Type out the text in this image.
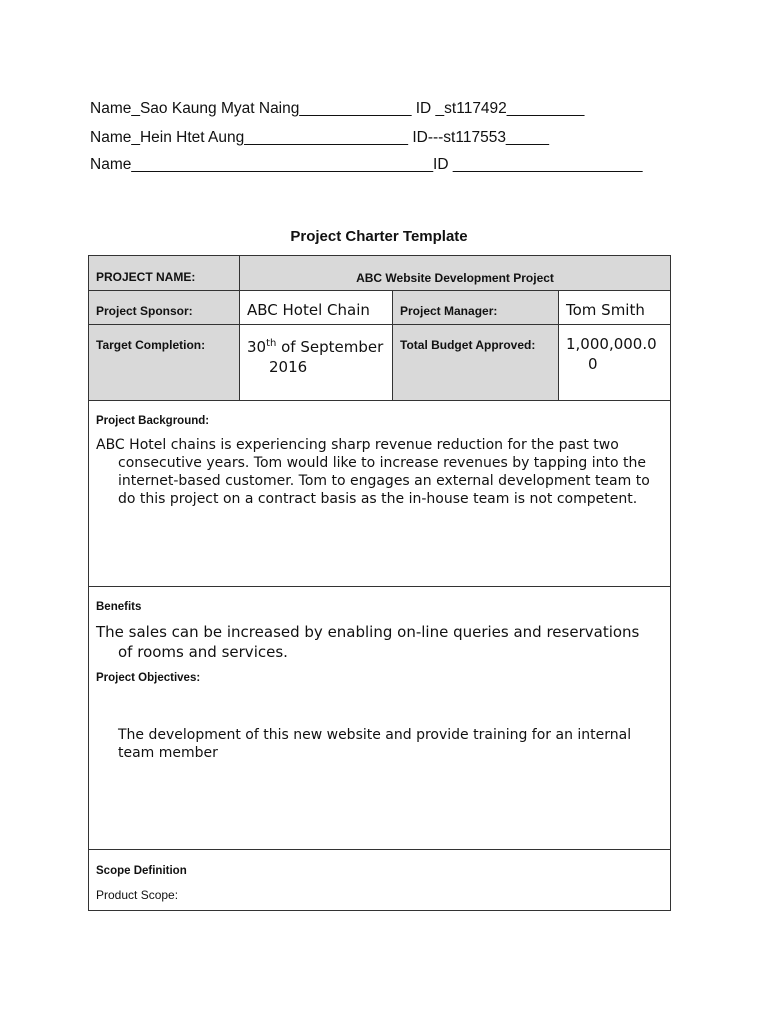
Name_Sao Kaung Myat Naing_____________ ID _st117492_________
Name_Hein Htet Aung___________________ ID---st117553_____
Name___________________________________ID ______________________
Project Charter Template
PROJECT NAME:	ABC Website Development Project		

Project Sponsor:	ABC Hotel Chain	Project Manager:	Tom Smith

Target Completion:	30th of September 2016	Total Budget Approved:	1,000,000.00

Project Background:

ABC Hotel chains is experiencing sharp revenue reduction for the past two consecutive years. Tom would like to increase revenues by tapping into the internet-based customer. Tom to engages an external development team to do this project on a contract basis as the in-house team is not competent.			

Benefits

The sales can be increased by enabling on-line queries and reservations of rooms and services.

Project Objectives:

The development of this new website and provide training for an internal team member			

Scope Definition
Product Scope:			
